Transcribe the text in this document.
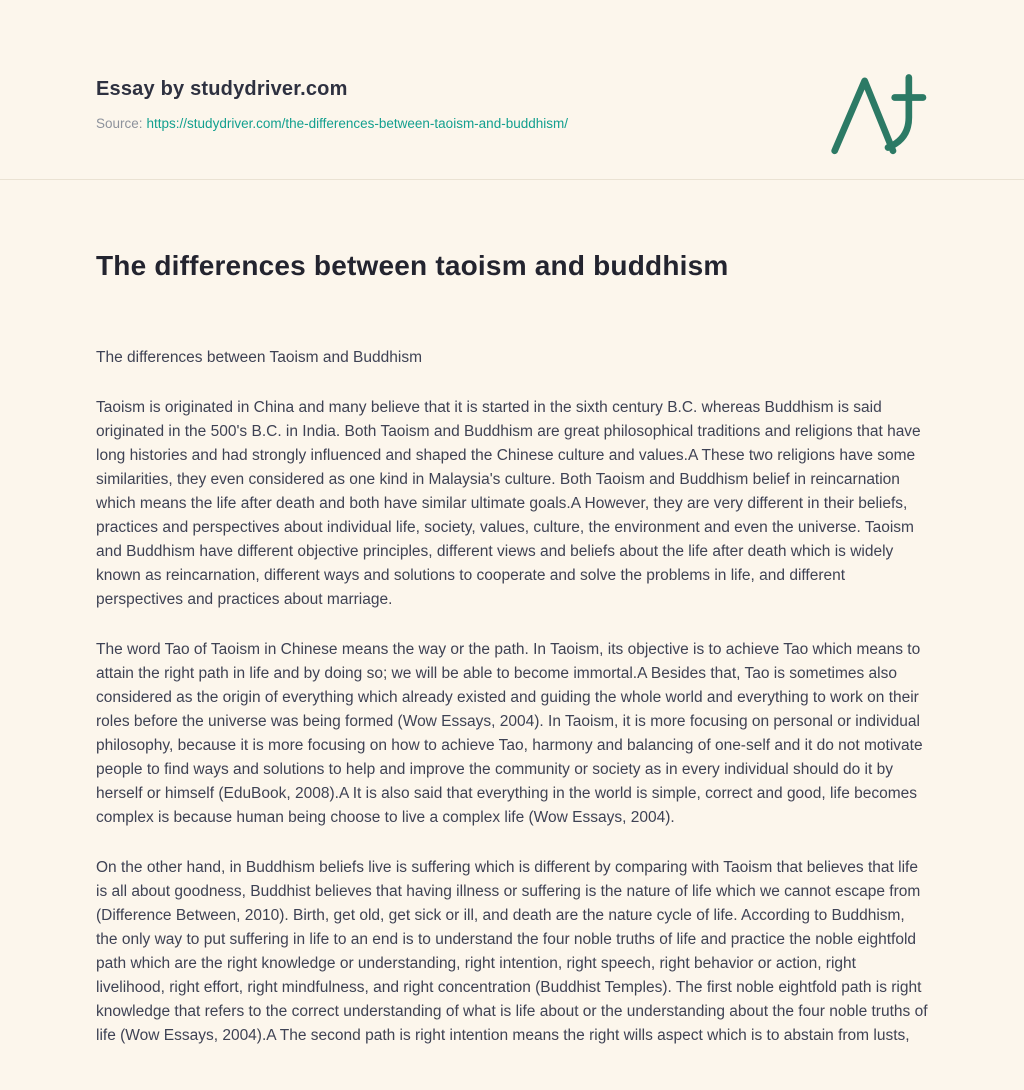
Essay by studydriver.com
Source: https://studydriver.com/the-differences-between-taoism-and-buddhism/
The differences between taoism and buddhism

The differences between Taoism and Buddhism

Taoism is originated in China and many believe that it is started in the sixth century B.C. whereas Buddhism is said originated in the 500's B.C. in India. Both Taoism and Buddhism are great philosophical traditions and religions that have long histories and had strongly influenced and shaped the Chinese culture and values.A These two religions have some similarities, they even considered as one kind in Malaysia's culture. Both Taoism and Buddhism belief in reincarnation which means the life after death and both have similar ultimate goals.A However, they are very different in their beliefs, practices and perspectives about individual life, society, values, culture, the environment and even the universe. Taoism and Buddhism have different objective principles, different views and beliefs about the life after death which is widely known as reincarnation, different ways and solutions to cooperate and solve the problems in life, and different perspectives and practices about marriage.

The word Tao of Taoism in Chinese means the way or the path. In Taoism, its objective is to achieve Tao which means to attain the right path in life and by doing so; we will be able to become immortal.A Besides that, Tao is sometimes also considered as the origin of everything which already existed and guiding the whole world and everything to work on their roles before the universe was being formed (Wow Essays, 2004). In Taoism, it is more focusing on personal or individual philosophy, because it is more focusing on how to achieve Tao, harmony and balancing of one-self and it do not motivate people to find ways and solutions to help and improve the community or society as in every individual should do it by herself or himself (EduBook, 2008).A It is also said that everything in the world is simple, correct and good, life becomes complex is because human being choose to live a complex life (Wow Essays, 2004).

On the other hand, in Buddhism beliefs live is suffering which is different by comparing with Taoism that believes that life is all about goodness, Buddhist believes that having illness or suffering is the nature of life which we cannot escape from (Difference Between, 2010). Birth, get old, get sick or ill, and death are the nature cycle of life. According to Buddhism, the only way to put suffering in life to an end is to understand the four noble truths of life and practice the noble eightfold path which are the right knowledge or understanding, right intention, right speech, right behavior or action, right livelihood, right effort, right mindfulness, and right concentration (Buddhist Temples). The first noble eightfold path is right knowledge that refers to the correct understanding of what is life about or the understanding about the four noble truths of life (Wow Essays, 2004).A The second path is right intention means the right wills aspect which is to abstain from lusts,
